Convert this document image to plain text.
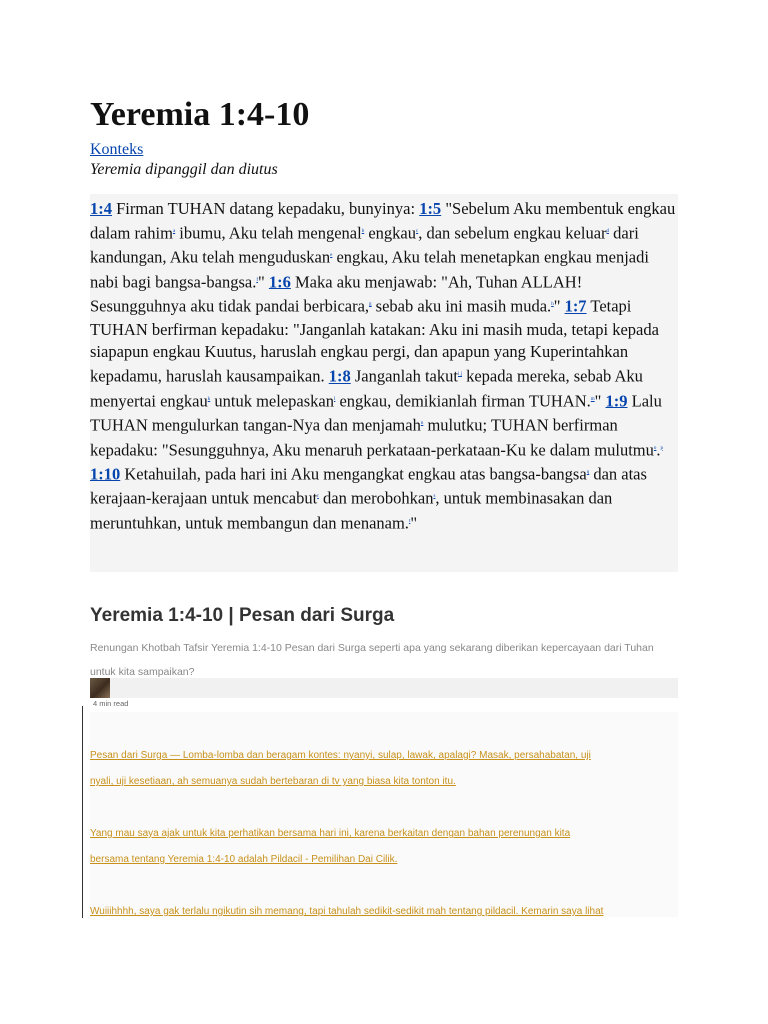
Yeremia 1:4-10
Konteks
Yeremia dipanggil dan diutus
1:4 Firman TUHAN datang kepadaku, bunyinya: 1:5 "Sebelum Aku membentuk engkau dalam rahim$^a$ ibumu, Aku telah mengenal$^b$ engkau$^c$, dan sebelum engkau keluar$^d$ dari kandungan, Aku telah menguduskan$^e$ engkau, Aku telah menetapkan engkau menjadi nabi bagi bangsa-bangsa.$^f$" 1:6 Maka aku menjawab: "Ah, Tuhan ALLAH! Sesungguhnya aku tidak pandai berbicara,$^g$ sebab aku ini masih muda.$^h$" 1:7 Tetapi TUHAN berfirman kepadaku: "Janganlah katakan: Aku ini masih muda, tetapi kepada siapapun engkau Kuutus, haruslah engkau pergi, dan apapun yang Kuperintahkan kepadamu, haruslah kausampaikan. 1:8 Janganlah takut$^{i j}$ kepada mereka, sebab Aku menyertai engkau$^k$ untuk melepaskan$^l$ engkau, demikianlah firman TUHAN.$^m$" 1:9 Lalu TUHAN mengulurkan tangan-Nya dan menjamah$^n$ mulutku; TUHAN berfirman kepadaku: "Sesungguhnya, Aku menaruh perkataan-perkataan-Ku ke dalam mulutmu$^o$.$^p$ 1:10 Ketahuilah, pada hari ini Aku mengangkat engkau atas bangsa-bangsa$^q$ dan atas kerajaan-kerajaan untuk mencabut$^r$ dan merobohkan$^s$, untuk membinasakan dan meruntuhkan, untuk membangun dan menanam.$^t$"
Yeremia 1:4-10 | Pesan dari Surga
Renungan Khotbah Tafsir Yeremia 1:4-10 Pesan dari Surga seperti apa yang sekarang diberikan kepercayaan dari Tuhan untuk kita sampaikan?
4 min read

Pesan dari Surga — Lomba-lomba dan beragam kontes: nyanyi, sulap, lawak, apalagi? Masak, persahabatan, uji

nyali, uji kesetiaan, ah semuanya sudah bertebaran di tv yang biasa kita tonton itu.

Yang mau saya ajak untuk kita perhatikan bersama hari ini, karena berkaitan dengan bahan perenungan kita

bersama tentang Yeremia 1:4-10 adalah Pildacil - Pemilihan Dai Cilik.

Wuiiihhhh, saya gak terlalu ngikutin sih memang, tapi tahulah sedikit-sedikit mah tentang pildacil. Kemarin saya lihat
